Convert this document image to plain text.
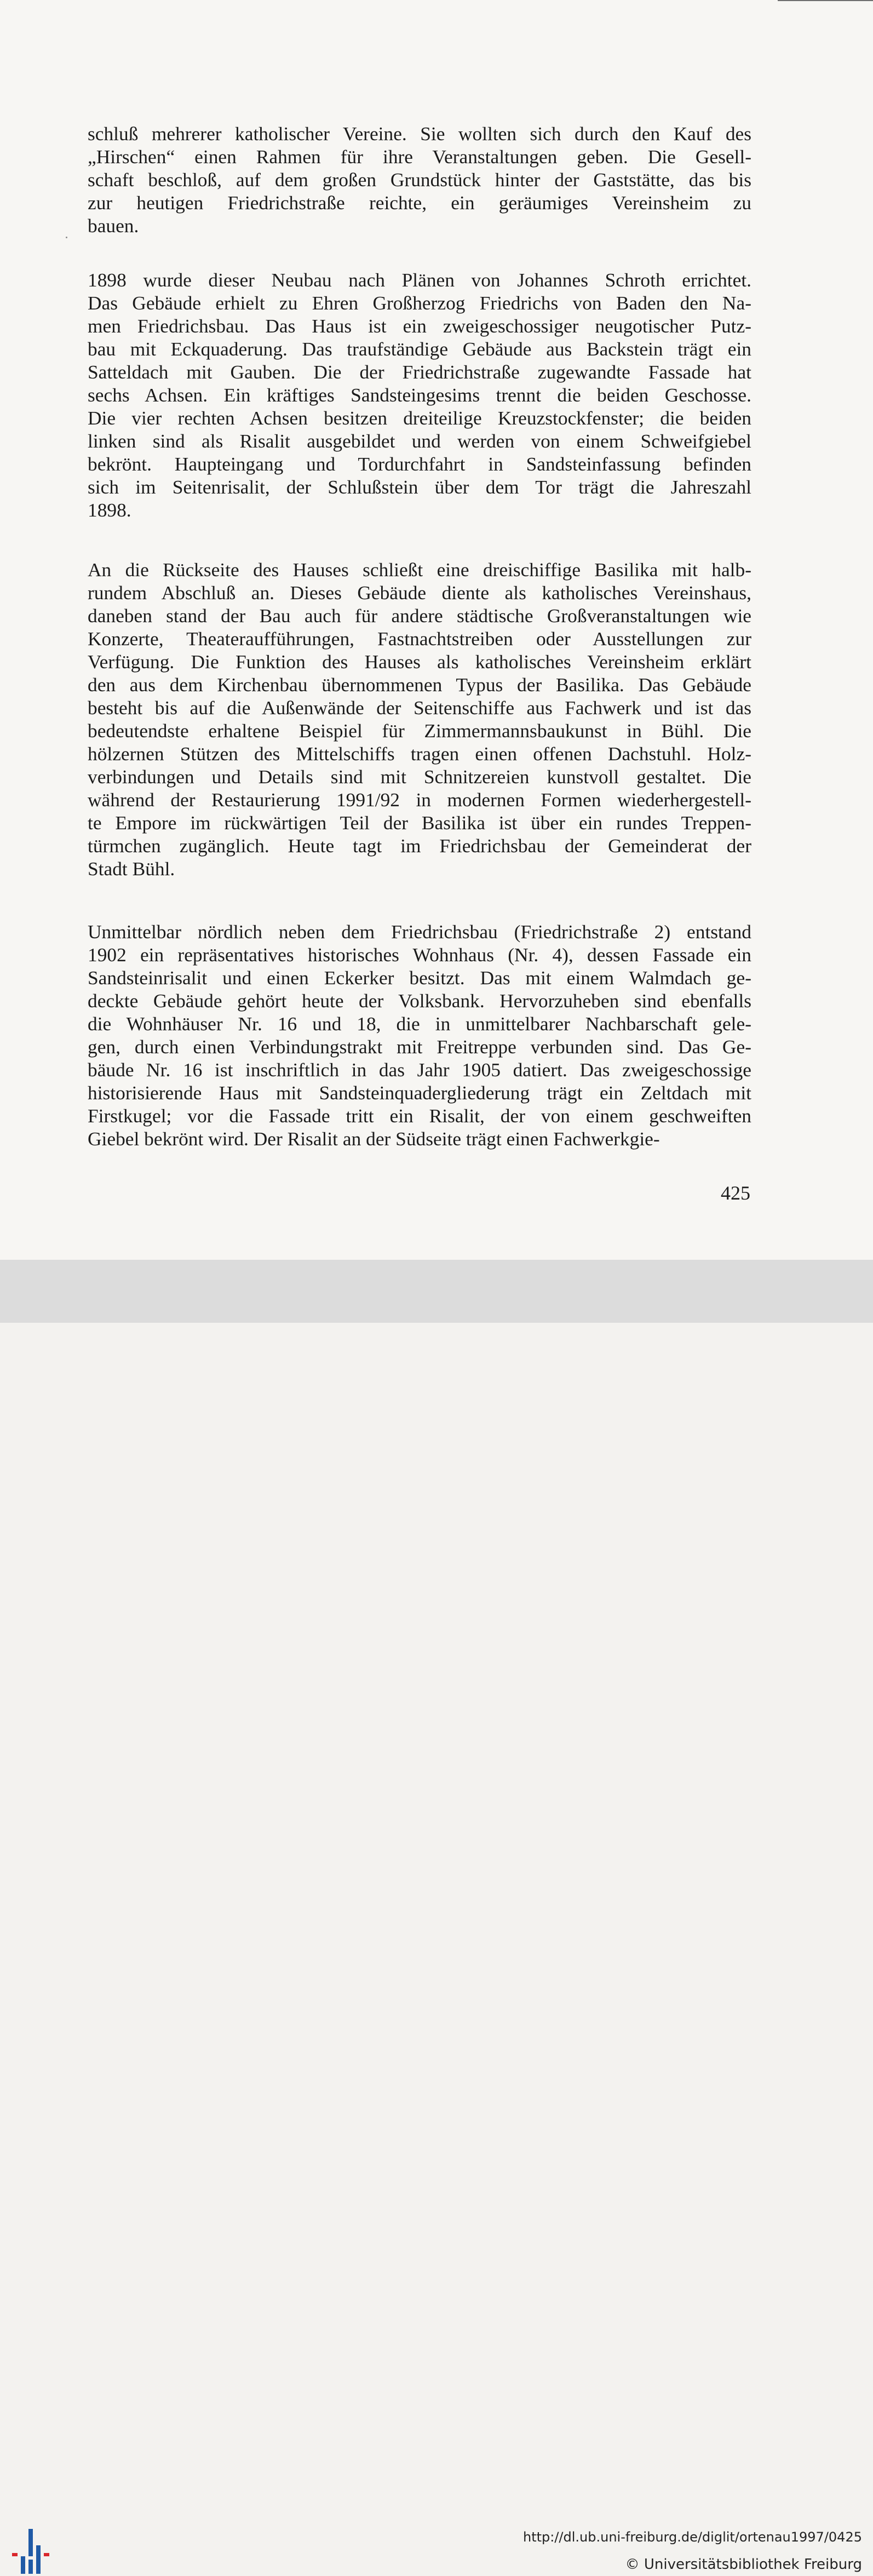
schluß mehrerer katholischer Vereine. Sie wollten sich durch den Kauf des
„Hirschen“ einen Rahmen für ihre Veranstaltungen geben. Die Gesell-
schaft beschloß, auf dem großen Grundstück hinter der Gaststätte, das bis
zur heutigen Friedrichstraße reichte, ein geräumiges Vereinsheim zu
bauen.
1898 wurde dieser Neubau nach Plänen von Johannes Schroth errichtet.
Das Gebäude erhielt zu Ehren Großherzog Friedrichs von Baden den Na-
men Friedrichsbau. Das Haus ist ein zweigeschossiger neugotischer Putz-
bau mit Eckquaderung. Das traufständige Gebäude aus Backstein trägt ein
Satteldach mit Gauben. Die der Friedrichstraße zugewandte Fassade hat
sechs Achsen. Ein kräftiges Sandsteingesims trennt die beiden Geschosse.
Die vier rechten Achsen besitzen dreiteilige Kreuzstockfenster; die beiden
linken sind als Risalit ausgebildet und werden von einem Schweifgiebel
bekrönt. Haupteingang und Tordurchfahrt in Sandsteinfassung befinden
sich im Seitenrisalit, der Schlußstein über dem Tor trägt die Jahreszahl
1898.
An die Rückseite des Hauses schließt eine dreischiffige Basilika mit halb-
rundem Abschluß an. Dieses Gebäude diente als katholisches Vereinshaus,
daneben stand der Bau auch für andere städtische Großveranstaltungen wie
Konzerte, Theateraufführungen, Fastnachtstreiben oder Ausstellungen zur
Verfügung. Die Funktion des Hauses als katholisches Vereinsheim erklärt
den aus dem Kirchenbau übernommenen Typus der Basilika. Das Gebäude
besteht bis auf die Außenwände der Seitenschiffe aus Fachwerk und ist das
bedeutendste erhaltene Beispiel für Zimmermannsbaukunst in Bühl. Die
hölzernen Stützen des Mittelschiffs tragen einen offenen Dachstuhl. Holz-
verbindungen und Details sind mit Schnitzereien kunstvoll gestaltet. Die
während der Restaurierung 1991/92 in modernen Formen wiederhergestell-
te Empore im rückwärtigen Teil der Basilika ist über ein rundes Treppen-
türmchen zugänglich. Heute tagt im Friedrichsbau der Gemeinderat der
Stadt Bühl.
Unmittelbar nördlich neben dem Friedrichsbau (Friedrichstraße 2) entstand
1902 ein repräsentatives historisches Wohnhaus (Nr. 4), dessen Fassade ein
Sandsteinrisalit und einen Eckerker besitzt. Das mit einem Walmdach ge-
deckte Gebäude gehört heute der Volksbank. Hervorzuheben sind ebenfalls
die Wohnhäuser Nr. 16 und 18, die in unmittelbarer Nachbarschaft gele-
gen, durch einen Verbindungstrakt mit Freitreppe verbunden sind. Das Ge-
bäude Nr. 16 ist inschriftlich in das Jahr 1905 datiert. Das zweigeschossige
historisierende Haus mit Sandsteinquadergliederung trägt ein Zeltdach mit
Firstkugel; vor die Fassade tritt ein Risalit, der von einem geschweiften
Giebel bekrönt wird. Der Risalit an der Südseite trägt einen Fachwerkgie-
425
http://dl.ub.uni-freiburg.de/diglit/ortenau1997/0425
© Universitätsbibliothek Freiburg
